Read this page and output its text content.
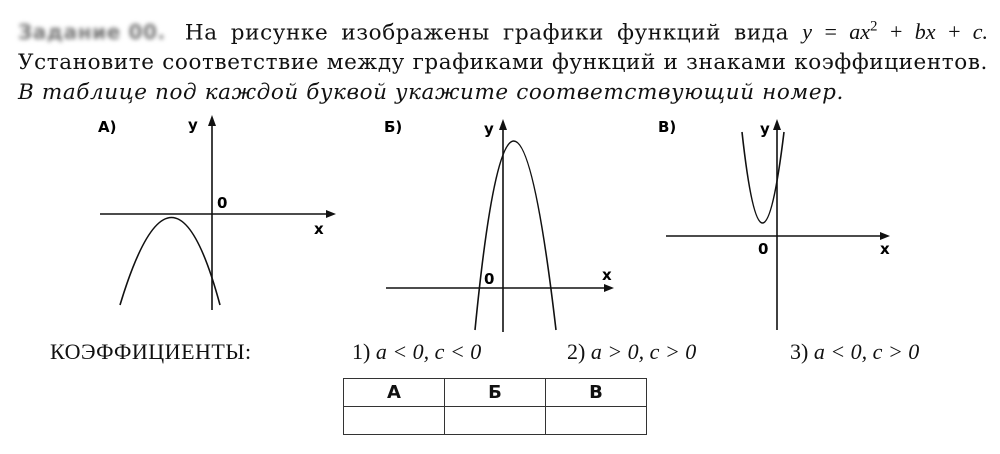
Задание 00. На рисунке изображены графики функций вида $y = ax^2$ + bx + c. Установите соответствие между графиками функций и знаками коэффициентов. В таблице под каждой буквой укажите соответствующий номер.
А)	y
x
0
Б)	y
x
0
В)	y
x
0
КОЭФФИЦИЕНТЫ:	1) a < 0, c < 0	2) a > 0, c > 0	3) a < 0, c > 0
А	Б	В
